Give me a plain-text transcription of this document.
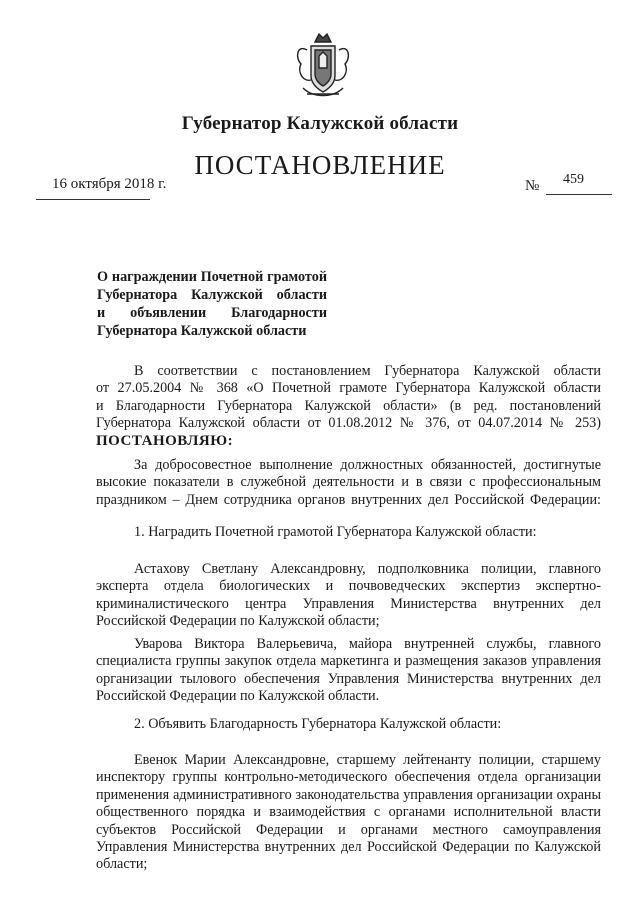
Губернатор Калужской области
ПОСТАНОВЛЕНИЕ
16 октября 2018 г.	№ 459
О награждении Почетной грамотой
Губернатора Калужской области
и объявлении Благодарности
Губернатора Калужской области
В соответствии с постановлением Губернатора Калужской области
от 27.05.2004 № 368 «О Почетной грамоте Губернатора Калужской области
и Благодарности Губернатора Калужской области» (в ред. постановлений
Губернатора Калужской области от 01.08.2012 № 376, от 04.07.2014 № 253)
ПОСТАНОВЛЯЮ:
За добросовестное выполнение должностных обязанностей, достигнутые
высокие показатели в служебной деятельности и в связи с профессиональным
праздником – Днем сотрудника органов внутренних дел Российской Федерации:
1. Наградить Почетной грамотой Губернатора Калужской области:
Астахову Светлану Александровну, подполковника полиции, главного
эксперта отдела биологических и почвоведческих экспертиз экспертно-
криминалистического центра Управления Министерства внутренних дел
Российской Федерации по Калужской области;
Уварова Виктора Валерьевича, майора внутренней службы, главного
специалиста группы закупок отдела маркетинга и размещения заказов управления
организации тылового обеспечения Управления Министерства внутренних дел
Российской Федерации по Калужской области.
2. Объявить Благодарность Губернатора Калужской области:
Евенок Марии Александровне, старшему лейтенанту полиции, старшему
инспектору группы контрольно-методического обеспечения отдела организации
применения административного законодательства управления организации охраны
общественного порядка и взаимодействия с органами исполнительной власти
субъектов Российской Федерации и органами местного самоуправления
Управления Министерства внутренних дел Российской Федерации по Калужской
области;
